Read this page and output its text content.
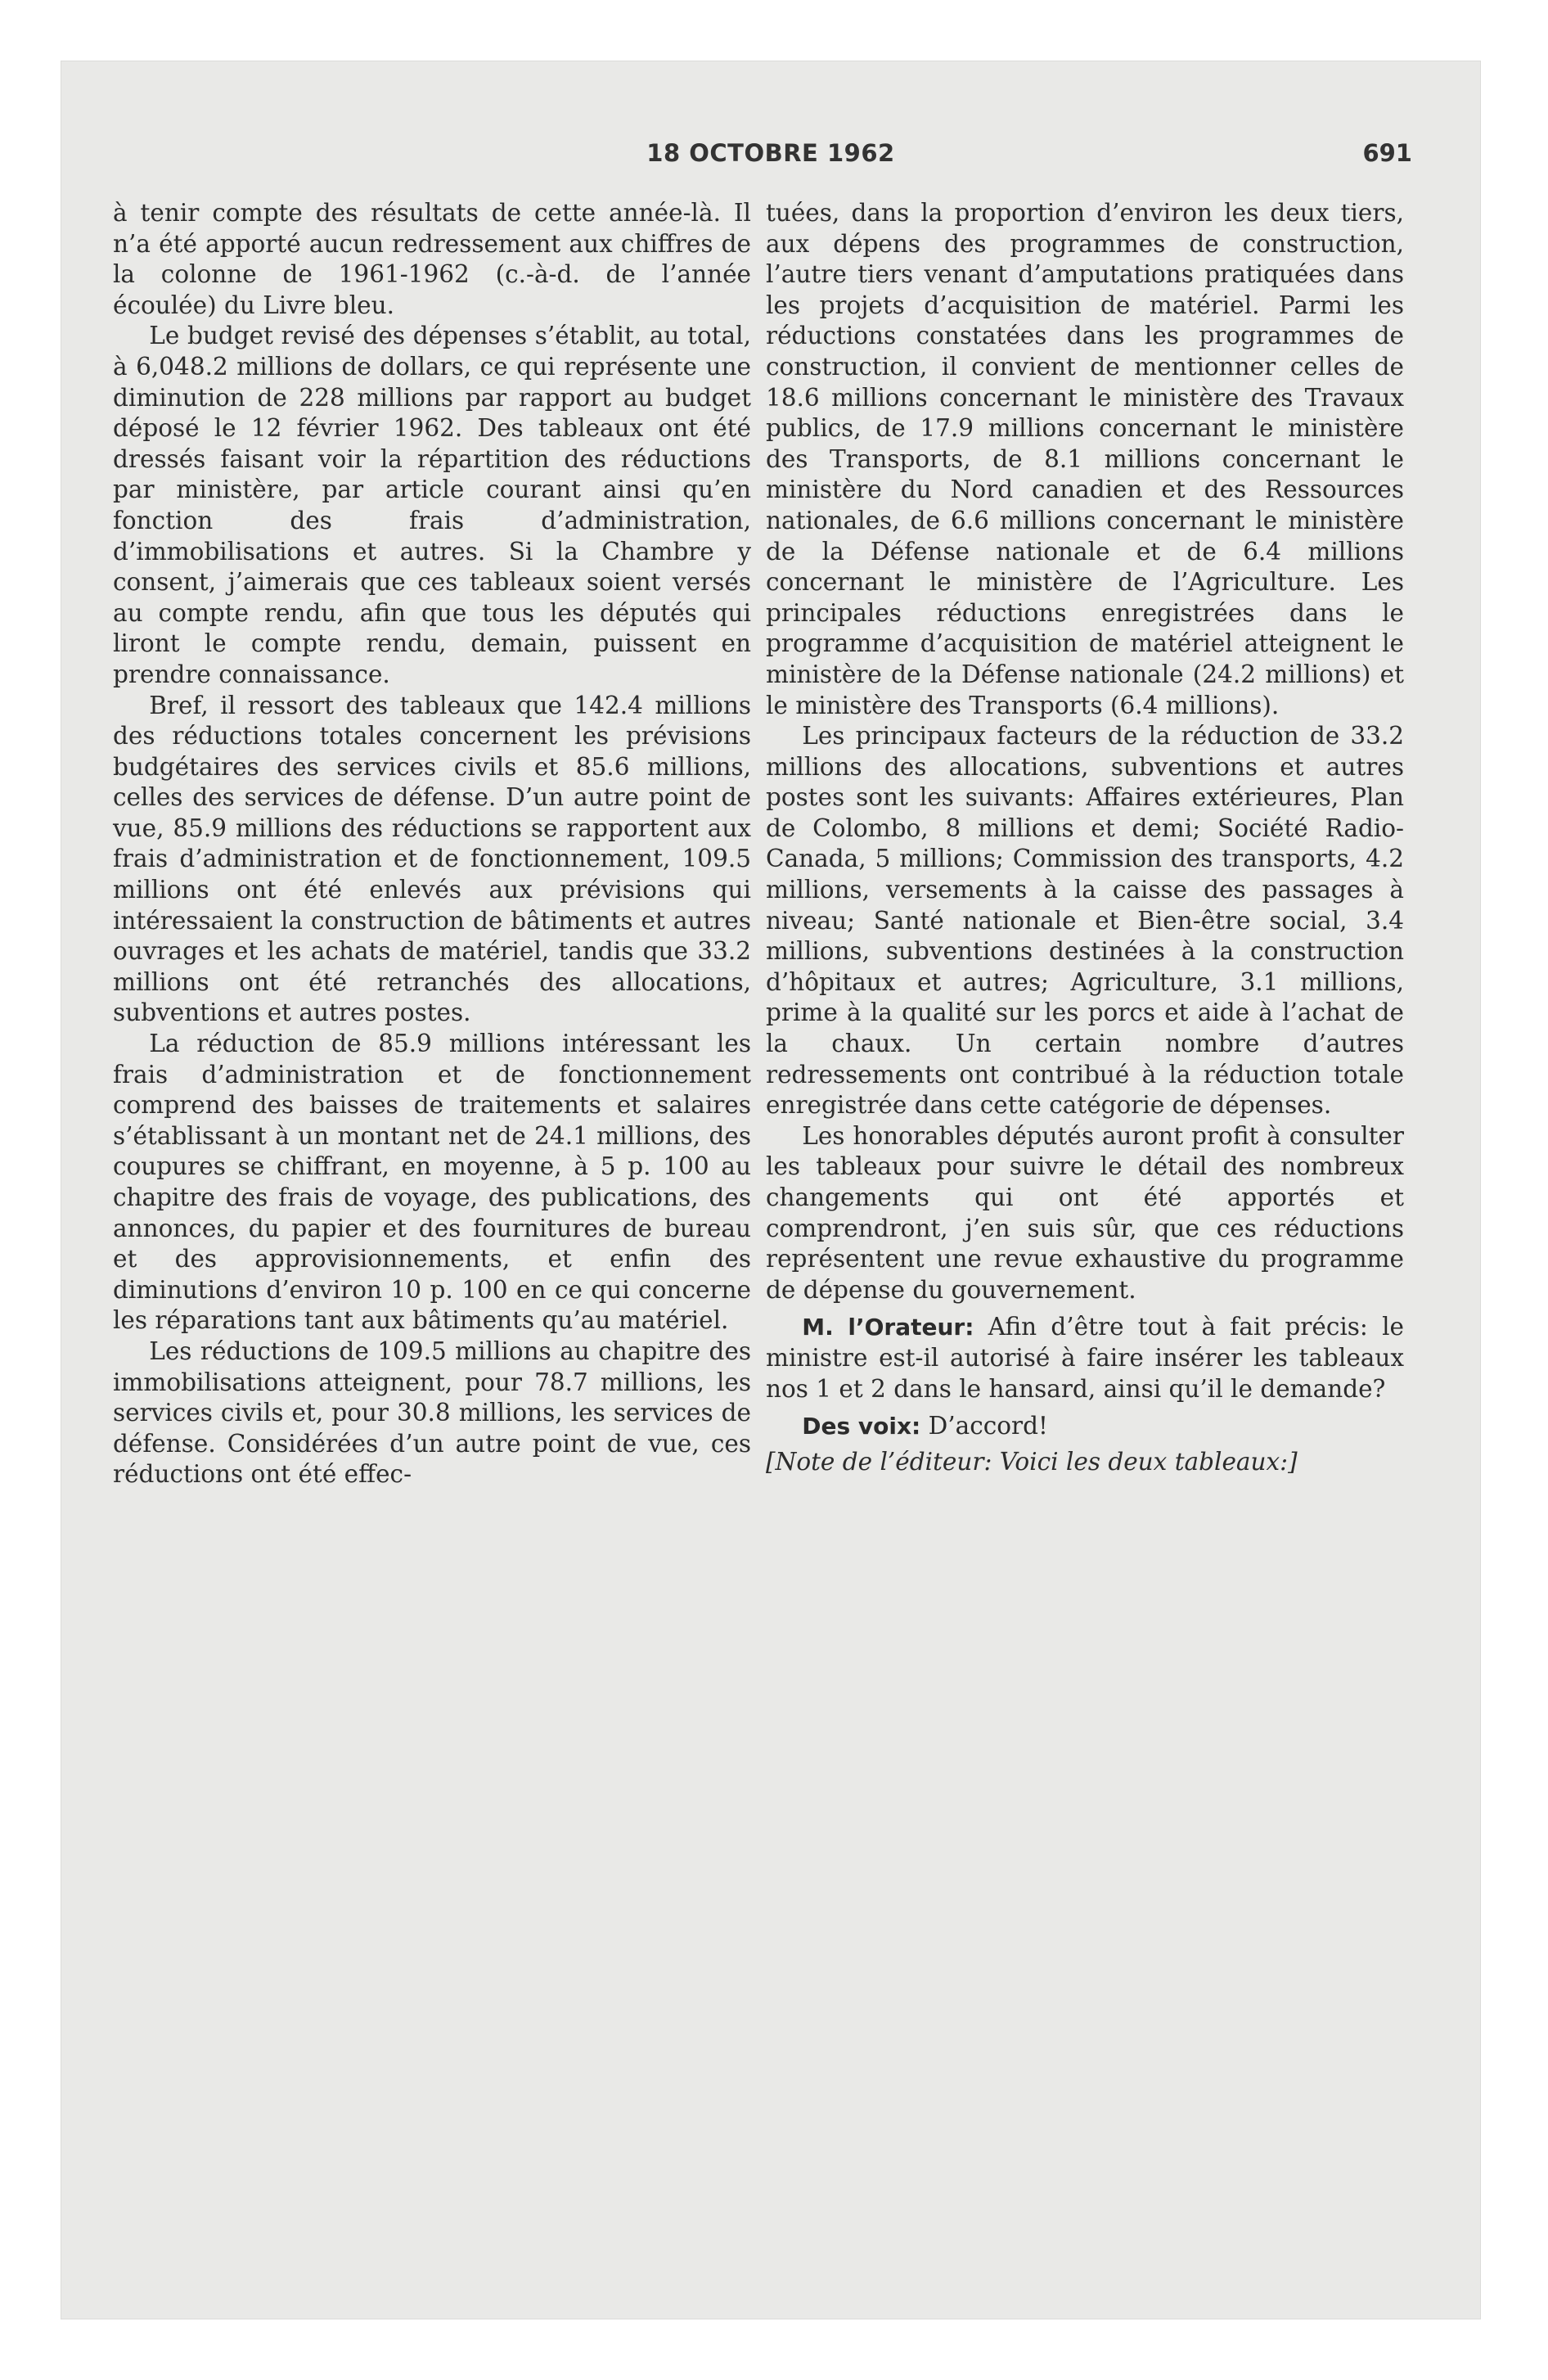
18 OCTOBRE 1962	691

à tenir compte des résultats de cette année-là. Il n’a été apporté aucun redressement aux chiffres de la colonne de 1961-1962 (c.-à-d. de l’année écoulée) du Livre bleu.

Le budget revisé des dépenses s’établit, au total, à 6,048.2 millions de dollars, ce qui représente une diminution de 228 millions par rapport au budget déposé le 12 février 1962. Des tableaux ont été dressés faisant voir la répartition des réductions par ministère, par article courant ainsi qu’en fonction des frais d’administration, d’immobilisations et autres. Si la Chambre y consent, j’aimerais que ces tableaux soient versés au compte rendu, afin que tous les députés qui liront le compte rendu, demain, puissent en prendre connaissance.

Bref, il ressort des tableaux que 142.4 millions des réductions totales concernent les prévisions budgétaires des services civils et 85.6 millions, celles des services de défense. D’un autre point de vue, 85.9 millions des réductions se rapportent aux frais d’administration et de fonctionnement, 109.5 millions ont été enlevés aux prévisions qui intéressaient la construction de bâtiments et autres ouvrages et les achats de matériel, tandis que 33.2 millions ont été retranchés des allocations, subventions et autres postes.

La réduction de 85.9 millions intéressant les frais d’administration et de fonctionnement comprend des baisses de traitements et salaires s’établissant à un montant net de 24.1 millions, des coupures se chiffrant, en moyenne, à 5 p. 100 au chapitre des frais de voyage, des publications, des annonces, du papier et des fournitures de bureau et des approvisionnements, et enfin des diminutions d’environ 10 p. 100 en ce qui concerne les réparations tant aux bâtiments qu’au matériel.

Les réductions de 109.5 millions au chapitre des immobilisations atteignent, pour 78.7 millions, les services civils et, pour 30.8 millions, les services de défense. Considérées d’un autre point de vue, ces réductions ont été effec-

tuées, dans la proportion d’environ les deux tiers, aux dépens des programmes de construction, l’autre tiers venant d’amputations pratiquées dans les projets d’acquisition de matériel. Parmi les réductions constatées dans les programmes de construction, il convient de mentionner celles de 18.6 millions concernant le ministère des Travaux publics, de 17.9 millions concernant le ministère des Transports, de 8.1 millions concernant le ministère du Nord canadien et des Ressources nationales, de 6.6 millions concernant le ministère de la Défense nationale et de 6.4 millions concernant le ministère de l’Agriculture. Les principales réductions enregistrées dans le programme d’acquisition de matériel atteignent le ministère de la Défense nationale (24.2 millions) et le ministère des Transports (6.4 millions).

Les principaux facteurs de la réduction de 33.2 millions des allocations, subventions et autres postes sont les suivants: Affaires extérieures, Plan de Colombo, 8 millions et demi; Société Radio-Canada, 5 millions; Commission des transports, 4.2 millions, versements à la caisse des passages à niveau; Santé nationale et Bien-être social, 3.4 millions, subventions destinées à la construction d’hôpitaux et autres; Agriculture, 3.1 millions, prime à la qualité sur les porcs et aide à l’achat de la chaux. Un certain nombre d’autres redressements ont contribué à la réduction totale enregistrée dans cette catégorie de dépenses.

Les honorables députés auront profit à consulter les tableaux pour suivre le détail des nombreux changements qui ont été apportés et comprendront, j’en suis sûr, que ces réductions représentent une revue exhaustive du programme de dépense du gouvernement.

M. l’Orateur: Afin d’être tout à fait précis: le ministre est-il autorisé à faire insérer les tableaux nos 1 et 2 dans le hansard, ainsi qu’il le demande?

Des voix: D’accord!

[Note de l’éditeur: Voici les deux tableaux:]
